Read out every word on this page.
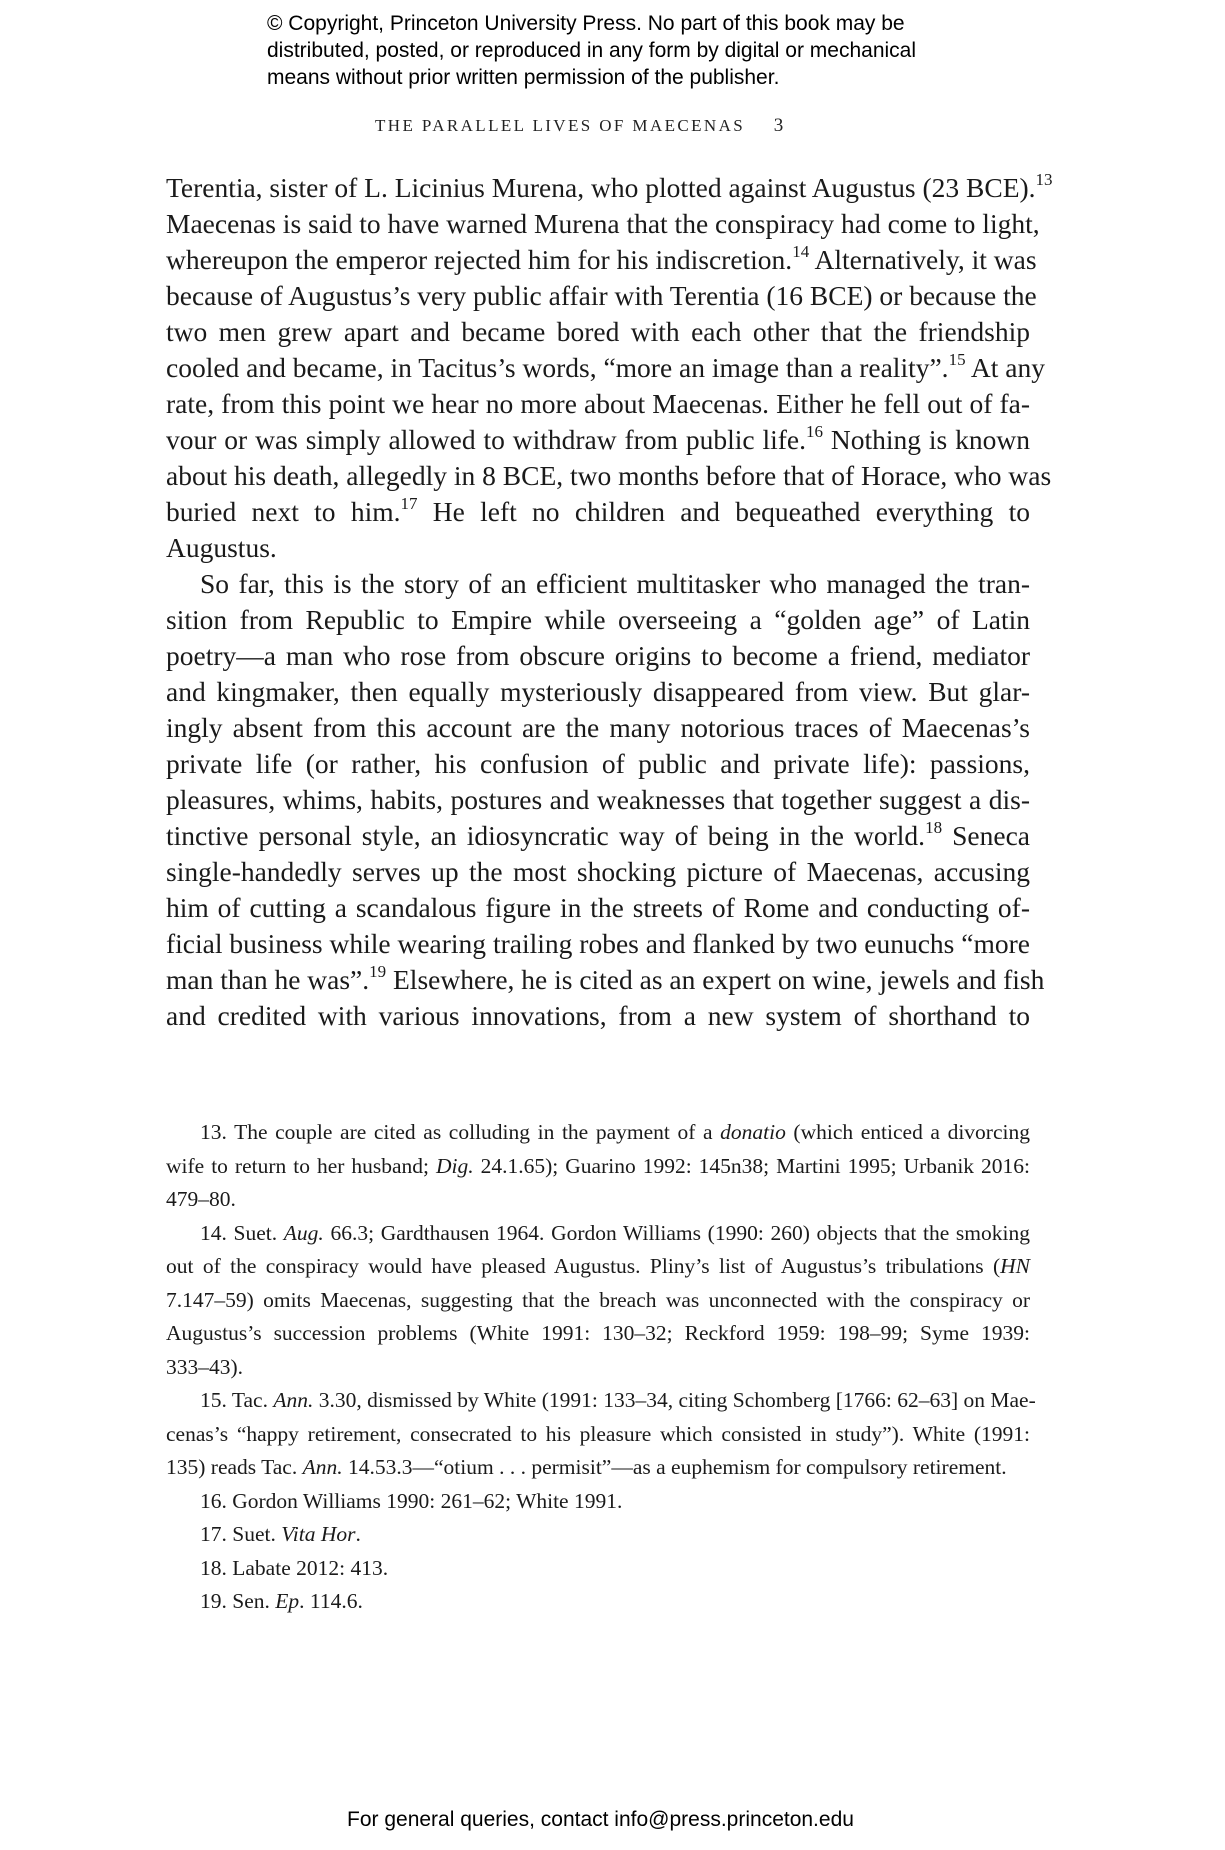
© Copyright, Princeton University Press. No part of this book may be
distributed, posted, or reproduced in any form by digital or mechanical
means without prior written permission of the publisher.
THE PARALLEL LIVES OF MAECENAS 3
Terentia, sister of L. Licinius Murena, who plotted against Augustus (23 BCE).$^{13}$
Maecenas is said to have warned Murena that the conspiracy had come to light,
whereupon the emperor rejected him for his indiscretion.$^{14}$ Alternatively, it was
because of Augustus’s very public affair with Terentia (16 BCE) or because the
two men grew apart and became bored with each other that the friendship
cooled and became, in Tacitus’s words, “more an image than a reality”.$^{15}$ At any
rate, from this point we hear no more about Maecenas. Either he fell out of fa-
vour or was simply allowed to withdraw from public life.$^{16}$ Nothing is known
about his death, allegedly in 8 BCE, two months before that of Horace, who was
buried next to him.$^{17}$ He left no children and bequeathed everything to
Augustus.
So far, this is the story of an efficient multitasker who managed the tran-
sition from Republic to Empire while overseeing a “golden age” of Latin
poetry—a man who rose from obscure origins to become a friend, mediator
and kingmaker, then equally mysteriously disappeared from view. But glar-
ingly absent from this account are the many notorious traces of Maecenas’s
private life (or rather, his confusion of public and private life): passions,
pleasures, whims, habits, postures and weaknesses that together suggest a dis-
tinctive personal style, an idiosyncratic way of being in the world.$^{18}$ Seneca
single-handedly serves up the most shocking picture of Maecenas, accusing
him of cutting a scandalous figure in the streets of Rome and conducting of-
ficial business while wearing trailing robes and flanked by two eunuchs “more
man than he was”.$^{19}$ Elsewhere, he is cited as an expert on wine, jewels and fish
and credited with various innovations, from a new system of shorthand to
13. The couple are cited as colluding in the payment of a donatio (which enticed a divorcing
wife to return to her husband; Dig. 24.1.65); Guarino 1992: 145n38; Martini 1995; Urbanik 2016:
479–80.
14. Suet. Aug. 66.3; Gardthausen 1964. Gordon Williams (1990: 260) objects that the smoking
out of the conspiracy would have pleased Augustus. Pliny’s list of Augustus’s tribulations (HN
7.147–59) omits Maecenas, suggesting that the breach was unconnected with the conspiracy or
Augustus’s succession problems (White 1991: 130–32; Reckford 1959: 198–99; Syme 1939:
333–43).
15. Tac. Ann. 3.30, dismissed by White (1991: 133–34, citing Schomberg [1766: 62–63] on Mae-
cenas’s “happy retirement, consecrated to his pleasure which consisted in study”). White (1991:
135) reads Tac. Ann. 14.53.3—“otium . . . permisit”—as a euphemism for compulsory retirement.
16. Gordon Williams 1990: 261–62; White 1991.
17. Suet. Vita Hor.
18. Labate 2012: 413.
19. Sen. Ep. 114.6.
For general queries, contact info@press.princeton.edu
